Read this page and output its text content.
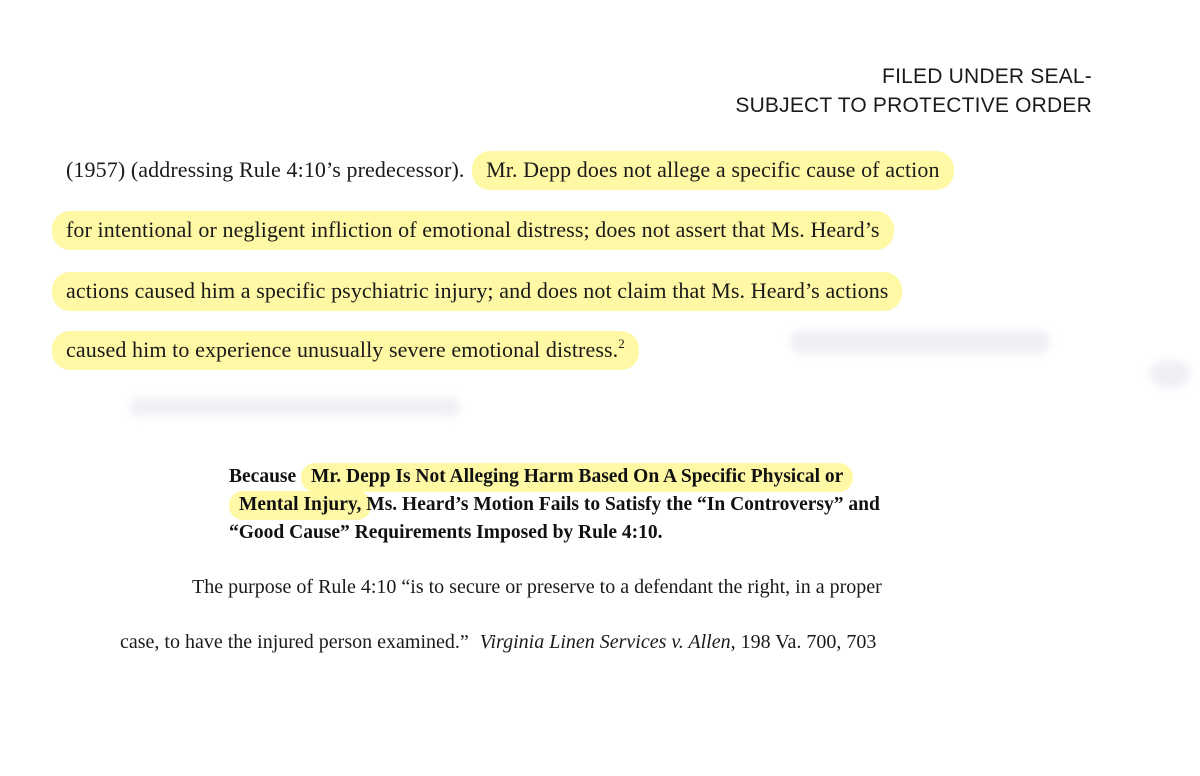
FILED UNDER SEAL-
SUBJECT TO PROTECTIVE ORDER
(1957) (addressing Rule 4:10’s predecessor). Mr. Depp does not allege a specific cause of action
for intentional or negligent infliction of emotional distress; does not assert that Ms. Heard’s
actions caused him a specific psychiatric injury; and does not claim that Ms. Heard’s actions
caused him to experience unusually severe emotional distress.$^2$
Because Mr. Depp Is Not Alleging Harm Based On A Specific Physical or
Mental Injury, Ms. Heard’s Motion Fails to Satisfy the “In Controversy” and
“Good Cause” Requirements Imposed by Rule 4:10.
The purpose of Rule 4:10 “is to secure or preserve to a defendant the right, in a proper
case, to have the injured person examined.” Virginia Linen Services v. Allen, 198 Va. 700, 703
